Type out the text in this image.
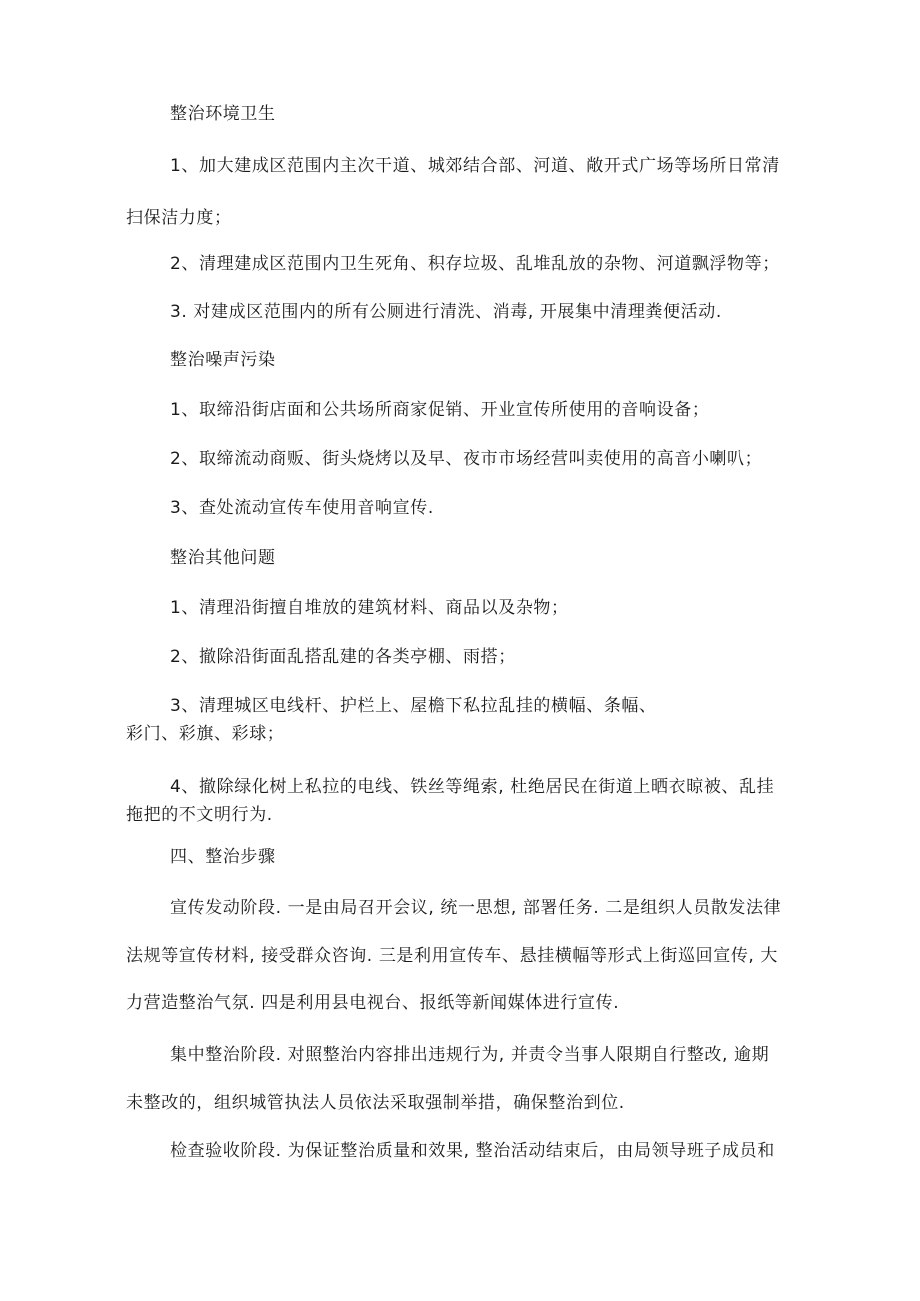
整治环境卫生
1、加大建成区范围内主次干道、城郊结合部、河道、敞开式广场等场所日常清
扫保洁力度；
2、清理建成区范围内卫生死角、积存垃圾、乱堆乱放的杂物、河道飘浮物等；
3. 对建成区范围内的所有公厕进行清洗、消毒, 开展集中清理粪便活动.
整治噪声污染
1、取缔沿街店面和公共场所商家促销、开业宣传所使用的音响设备；
2、取缔流动商贩、街头烧烤以及早、夜市市场经营叫卖使用的高音小喇叭；
3、查处流动宣传车使用音响宣传.
整治其他问题
1、清理沿街擅自堆放的建筑材料、商品以及杂物；
2、撤除沿街面乱搭乱建的各类亭棚、雨搭；
3、清理城区电线杆、护栏上、屋檐下私拉乱挂的横幅、条幅、
彩门、彩旗、彩球；
4、撤除绿化树上私拉的电线、铁丝等绳索, 杜绝居民在街道上晒衣晾被、乱挂
拖把的不文明行为.
四、整治步骤
宣传发动阶段. 一是由局召开会议, 统一思想, 部署任务. 二是组织人员散发法律
法规等宣传材料, 接受群众咨询. 三是利用宣传车、悬挂横幅等形式上街巡回宣传, 大
力营造整治气氛. 四是利用县电视台、报纸等新闻媒体进行宣传.
集中整治阶段. 对照整治内容排出违规行为, 并责令当事人限期自行整改, 逾期
未整改的，组织城管执法人员依法采取强制举措，确保整治到位.
检查验收阶段. 为保证整治质量和效果, 整治活动结束后，由局领导班子成员和
